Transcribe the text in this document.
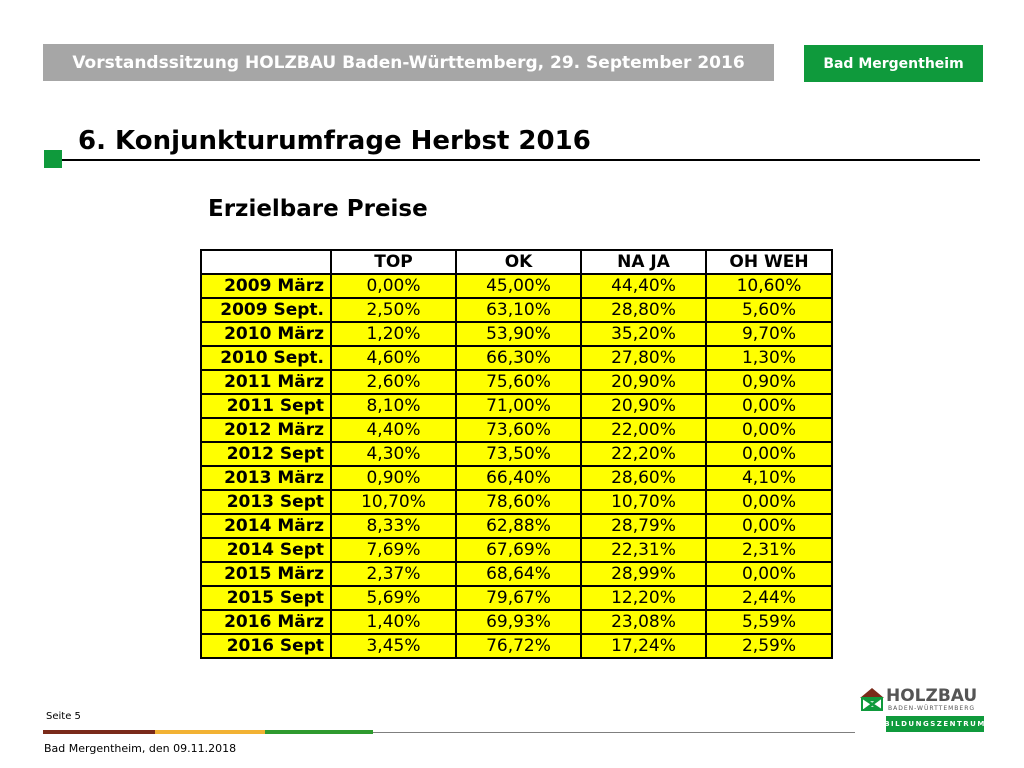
Vorstandssitzung HOLZBAU Baden-Württemberg, 29. September 2016	Bad Mergentheim
6. Konjunkturumfrage Herbst 2016
Erzielbare Preise
	TOP	OK	NA JA	OH WEH
2009 März	0,00%	45,00%	44,40%	10,60%
2009 Sept.	2,50%	63,10%	28,80%	5,60%
2010 März	1,20%	53,90%	35,20%	9,70%
2010 Sept.	4,60%	66,30%	27,80%	1,30%
2011 März	2,60%	75,60%	20,90%	0,90%
2011 Sept	8,10%	71,00%	20,90%	0,00%
2012 März	4,40%	73,60%	22,00%	0,00%
2012 Sept	4,30%	73,50%	22,20%	0,00%
2013 März	0,90%	66,40%	28,60%	4,10%
2013 Sept	10,70%	78,60%	10,70%	0,00%
2014 März	8,33%	62,88%	28,79%	0,00%
2014 Sept	7,69%	67,69%	22,31%	2,31%
2015 März	2,37%	68,64%	28,99%	0,00%
2015 Sept	5,69%	79,67%	12,20%	2,44%
2016 März	1,40%	69,93%	23,08%	5,59%
2016 Sept	3,45%	76,72%	17,24%	2,59%
Seite 5
Bad Mergentheim, den 09.11.2018
HOLZBAU
BADEN-WÜRTTEMBERG
BILDUNGSZENTRUM
